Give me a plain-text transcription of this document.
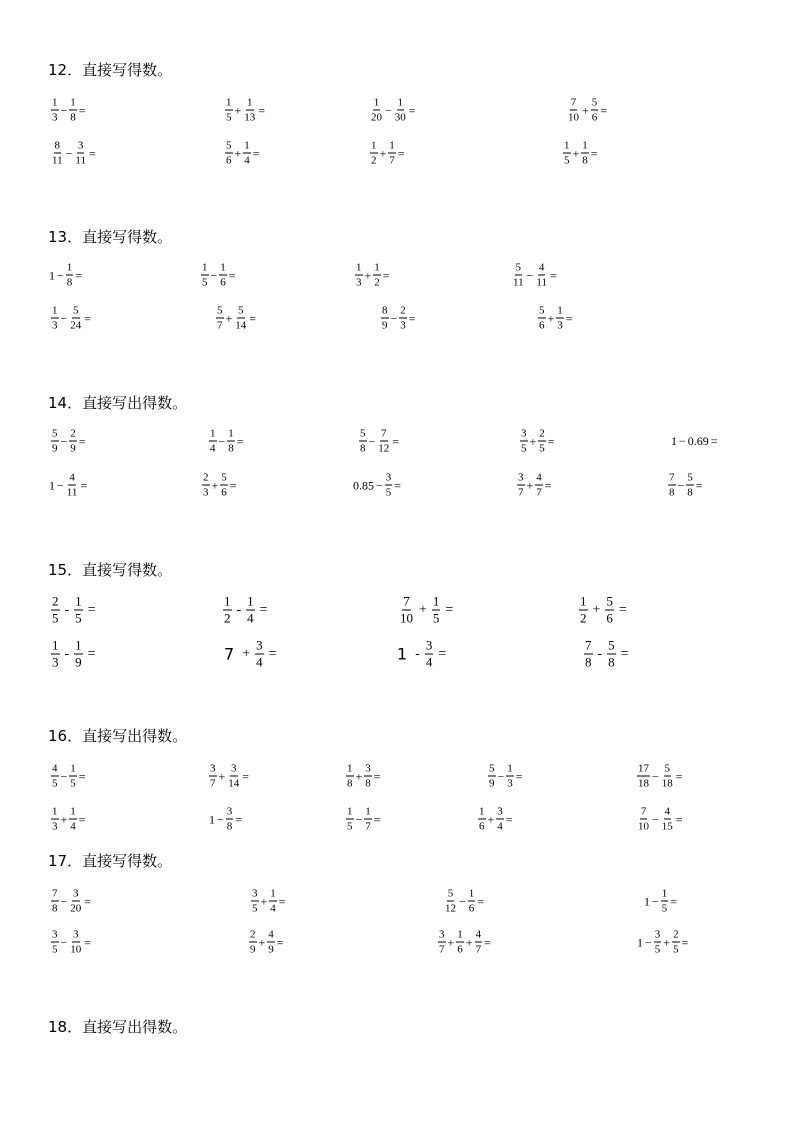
12．直接写得数。
$\frac{1}{3} - \frac{1}{8}$ =	$\frac{1}{5} + \frac{1}{13}$ =	$\frac{1}{20} - \frac{1}{30}$ =	$\frac{7}{10} + \frac{5}{6}$ =
$\frac{8}{11} - \frac{3}{11}$ =	$\frac{5}{6} + \frac{1}{4}$ =	$\frac{1}{2} + \frac{1}{7}$ =	$\frac{1}{5} + \frac{1}{8}$ =
13．直接写得数。
$1 - \frac{1}{8}$ =	$\frac{1}{5} - \frac{1}{6}$ =	$\frac{1}{3} + \frac{1}{2}$ =	$\frac{5}{11} - \frac{4}{11}$ =
$\frac{1}{3} - \frac{5}{24}$ =	$\frac{5}{7} + \frac{5}{14}$ =	$\frac{8}{9} - \frac{2}{3}$ =	$\frac{5}{6} + \frac{1}{3}$ =
14．直接写出得数。
$\frac{5}{9} - \frac{2}{9}$ =	$\frac{1}{4} - \frac{1}{8}$ =	$\frac{5}{8} - \frac{7}{12}$ =	$\frac{3}{5} + \frac{2}{5}$ =	1 − 0.69 =
$1 - \frac{4}{11}$ =	$\frac{2}{3} + \frac{5}{6}$ =	$0.85 - \frac{3}{5}$ =	$\frac{3}{7} + \frac{4}{7}$ =	$\frac{7}{8} - \frac{5}{8}$ =
15．直接写得数。
$\frac{2}{5} - \frac{1}{5}$ =	$\frac{1}{2} - \frac{1}{4}$ =	$\frac{7}{10} + \frac{1}{5}$ =	$\frac{1}{2} + \frac{5}{6}$ =
$\frac{1}{3} - \frac{1}{9}$ =	$7 + \frac{3}{4}$ =	$1 - \frac{3}{4}$ =	$\frac{7}{8} - \frac{5}{8}$ =
16．直接写出得数。
$\frac{4}{5} - \frac{1}{5}$ =	$\frac{3}{7} + \frac{3}{14}$ =	$\frac{1}{8} + \frac{3}{8}$ =	$\frac{5}{9} - \frac{1}{3}$ =	$\frac{17}{18} - \frac{5}{18}$ =
$\frac{1}{3} + \frac{1}{4}$ =	$1 - \frac{3}{8}$ =	$\frac{1}{5} - \frac{1}{7}$ =	$\frac{1}{6} + \frac{3}{4}$ =	$\frac{7}{10} - \frac{4}{15}$ =
17．直接写得数。
$\frac{7}{8} - \frac{3}{20}$ =	$\frac{3}{5} + \frac{1}{4}$ =	$\frac{5}{12} - \frac{1}{6}$ =	$1 - \frac{1}{5}$ =
$\frac{3}{5} - \frac{3}{10}$ =	$\frac{2}{9} + \frac{4}{9}$ =	$\frac{3}{7} + \frac{1}{6} + \frac{4}{7}$ =	$1 - \frac{3}{5} + \frac{2}{5}$ =
18．直接写出得数。
